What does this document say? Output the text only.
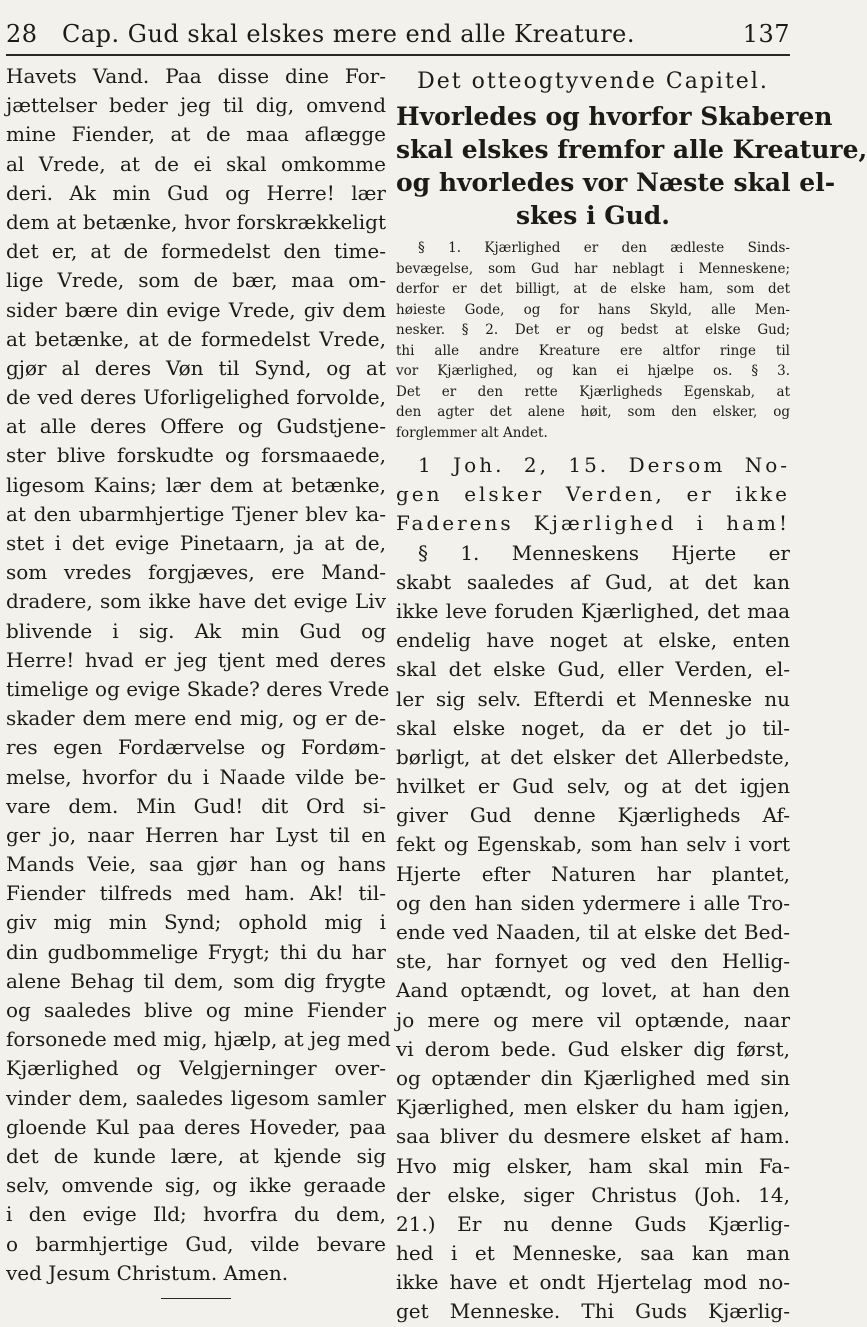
28 Cap. Gud skal elskes mere end alle Kreature.	137
Havets Vand. Paa disse dine For-
jættelser beder jeg til dig, omvend
mine Fiender, at de maa aflægge
al Vrede, at de ei skal omkomme
deri. Ak min Gud og Herre! lær
dem at betænke, hvor forskrækkeligt
det er, at de formedelst den time-
lige Vrede, som de bær, maa om-
sider bære din evige Vrede, giv dem
at betænke, at de formedelst Vrede,
gjør al deres Vøn til Synd, og at
de ved deres Uforligelighed forvolde,
at alle deres Offere og Gudstjene-
ster blive forskudte og forsmaaede,
ligesom Kains; lær dem at betænke,
at den ubarmhjertige Tjener blev ka-
stet i det evige Pinetaarn, ja at de,
som vredes forgjæves, ere Mand-
dradere, som ikke have det evige Liv
blivende i sig. Ak min Gud og
Herre! hvad er jeg tjent med deres
timelige og evige Skade? deres Vrede
skader dem mere end mig, og er de-
res egen Fordærvelse og Fordøm-
melse, hvorfor du i Naade vilde be-
vare dem. Min Gud! dit Ord si-
ger jo, naar Herren har Lyst til en
Mands Veie, saa gjør han og hans
Fiender tilfreds med ham. Ak! til-
giv mig min Synd; ophold mig i
din gudbommelige Frygt; thi du har
alene Behag til dem, som dig frygte
og saaledes blive og mine Fiender
forsonede med mig, hjælp, at jeg med
Kjærlighed og Velgjerninger over-
vinder dem, saaledes ligesom samler
gloende Kul paa deres Hoveder, paa
det de kunde lære, at kjende sig
selv, omvende sig, og ikke geraade
i den evige Ild; hvorfra du dem,
o barmhjertige Gud, vilde bevare
ved Jesum Christum. Amen.
Det otteogtyvende Capitel.
Hvorledes og hvorfor Skaberen
skal elskes fremfor alle Kreature,
og hvorledes vor Næste skal el-
skes i Gud.
§ 1. Kjærlighed er den ædleste Sinds-
bevægelse, som Gud har neblagt i Menneskene;
derfor er det billigt, at de elske ham, som det
høieste Gode, og for hans Skyld, alle Men-
nesker. § 2. Det er og bedst at elske Gud;
thi alle andre Kreature ere altfor ringe til
vor Kjærlighed, og kan ei hjælpe os. § 3.
Det er den rette Kjærligheds Egenskab, at
den agter det alene høit, som den elsker, og
forglemmer alt Andet.
1 Joh. 2, 15. Dersom No-
gen elsker Verden, er ikke
Faderens Kjærlighed i ham!
§ 1. Menneskens Hjerte er
skabt saaledes af Gud, at det kan
ikke leve foruden Kjærlighed, det maa
endelig have noget at elske, enten
skal det elske Gud, eller Verden, el-
ler sig selv. Efterdi et Menneske nu
skal elske noget, da er det jo til-
børligt, at det elsker det Allerbedste,
hvilket er Gud selv, og at det igjen
giver Gud denne Kjærligheds Af-
fekt og Egenskab, som han selv i vort
Hjerte efter Naturen har plantet,
og den han siden ydermere i alle Tro-
ende ved Naaden, til at elske det Bed-
ste, har fornyet og ved den Hellig-
Aand optændt, og lovet, at han den
jo mere og mere vil optænde, naar
vi derom bede. Gud elsker dig først,
og optænder din Kjærlighed med sin
Kjærlighed, men elsker du ham igjen,
saa bliver du desmere elsket af ham.
Hvo mig elsker, ham skal min Fa-
der elske, siger Christus (Joh. 14,
21.) Er nu denne Guds Kjærlig-
hed i et Menneske, saa kan man
ikke have et ondt Hjertelag mod no-
get Menneske. Thi Guds Kjærlig-
